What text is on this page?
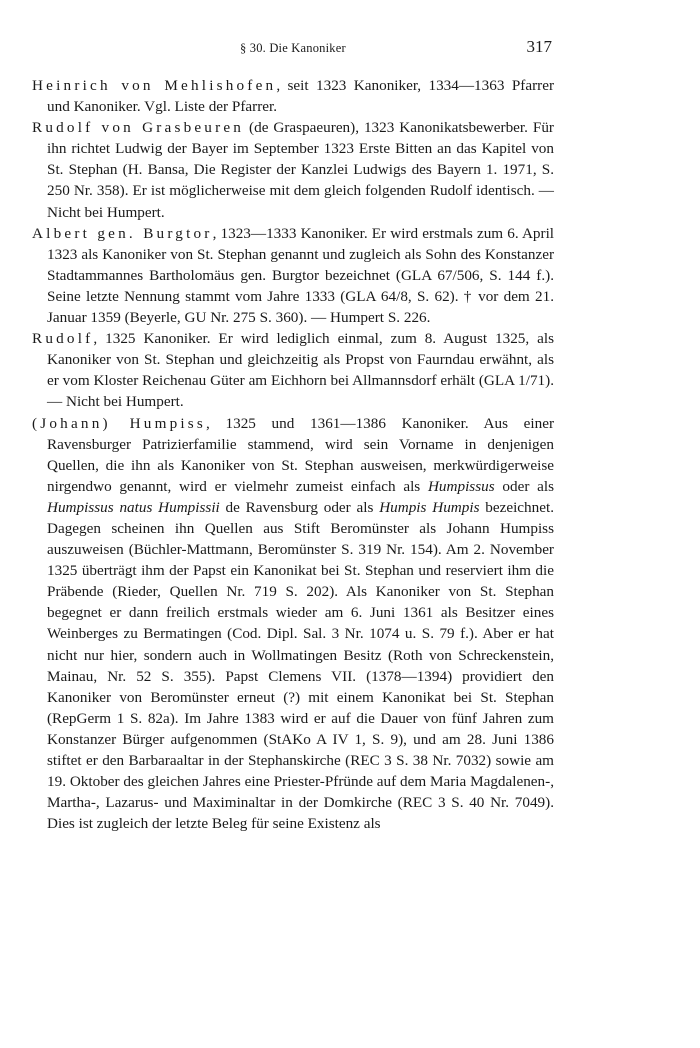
§ 30. Die Kanoniker	317

Heinrich von Mehlishofen, seit 1323 Kanoniker, 1334—1363 Pfarrer und Kanoniker. Vgl. Liste der Pfarrer.

Rudolf von Grasbeuren (de Graspaeuren), 1323 Kanonikatsbewerber. Für ihn richtet Ludwig der Bayer im September 1323 Erste Bitten an das Kapitel von St. Stephan (H. Bansa, Die Register der Kanzlei Ludwigs des Bayern 1. 1971, S. 250 Nr. 358). Er ist möglicherweise mit dem gleich folgenden Rudolf identisch. — Nicht bei Humpert.

Albert gen. Burgtor, 1323—1333 Kanoniker. Er wird erstmals zum 6. April 1323 als Kanoniker von St. Stephan genannt und zugleich als Sohn des Konstanzer Stadtammannes Bartholomäus gen. Burgtor bezeichnet (GLA 67/506, S. 144 f.). Seine letzte Nennung stammt vom Jahre 1333 (GLA 64/8, S. 62). † vor dem 21. Januar 1359 (Beyerle, GU Nr. 275 S. 360). — Humpert S. 226.

Rudolf, 1325 Kanoniker. Er wird lediglich einmal, zum 8. August 1325, als Kanoniker von St. Stephan und gleichzeitig als Propst von Faurndau erwähnt, als er vom Kloster Reichenau Güter am Eichhorn bei Allmannsdorf erhält (GLA 1/71). — Nicht bei Humpert.

(Johann) Humpiss, 1325 und 1361—1386 Kanoniker. Aus einer Ravensburger Patrizierfamilie stammend, wird sein Vorname in denjenigen Quellen, die ihn als Kanoniker von St. Stephan ausweisen, merkwürdigerweise nirgendwo genannt, wird er vielmehr zumeist einfach als Humpissus oder als Humpissus natus Humpissii de Ravensburg oder als Humpis Humpis bezeichnet. Dagegen scheinen ihn Quellen aus Stift Beromünster als Johann Humpiss auszuweisen (Büchler-Mattmann, Beromünster S. 319 Nr. 154). Am 2. November 1325 überträgt ihm der Papst ein Kanonikat bei St. Stephan und reserviert ihm die Präbende (Rieder, Quellen Nr. 719 S. 202). Als Kanoniker von St. Stephan begegnet er dann freilich erstmals wieder am 6. Juni 1361 als Besitzer eines Weinberges zu Bermatingen (Cod. Dipl. Sal. 3 Nr. 1074 u. S. 79 f.). Aber er hat nicht nur hier, sondern auch in Wollmatingen Besitz (Roth von Schreckenstein, Mainau, Nr. 52 S. 355). Papst Clemens VII. (1378—1394) providiert den Kanoniker von Beromünster erneut (?) mit einem Kanonikat bei St. Stephan (RepGerm 1 S. 82a). Im Jahre 1383 wird er auf die Dauer von fünf Jahren zum Konstanzer Bürger aufgenommen (StAKo A IV 1, S. 9), und am 28. Juni 1386 stiftet er den Barbaraaltar in der Stephanskirche (REC 3 S. 38 Nr. 7032) sowie am 19. Oktober des gleichen Jahres eine Priester-Pfründe auf dem Maria Magdalenen-, Martha-, Lazarus- und Maximinaltar in der Domkirche (REC 3 S. 40 Nr. 7049). Dies ist zugleich der letzte Beleg für seine Existenz als
